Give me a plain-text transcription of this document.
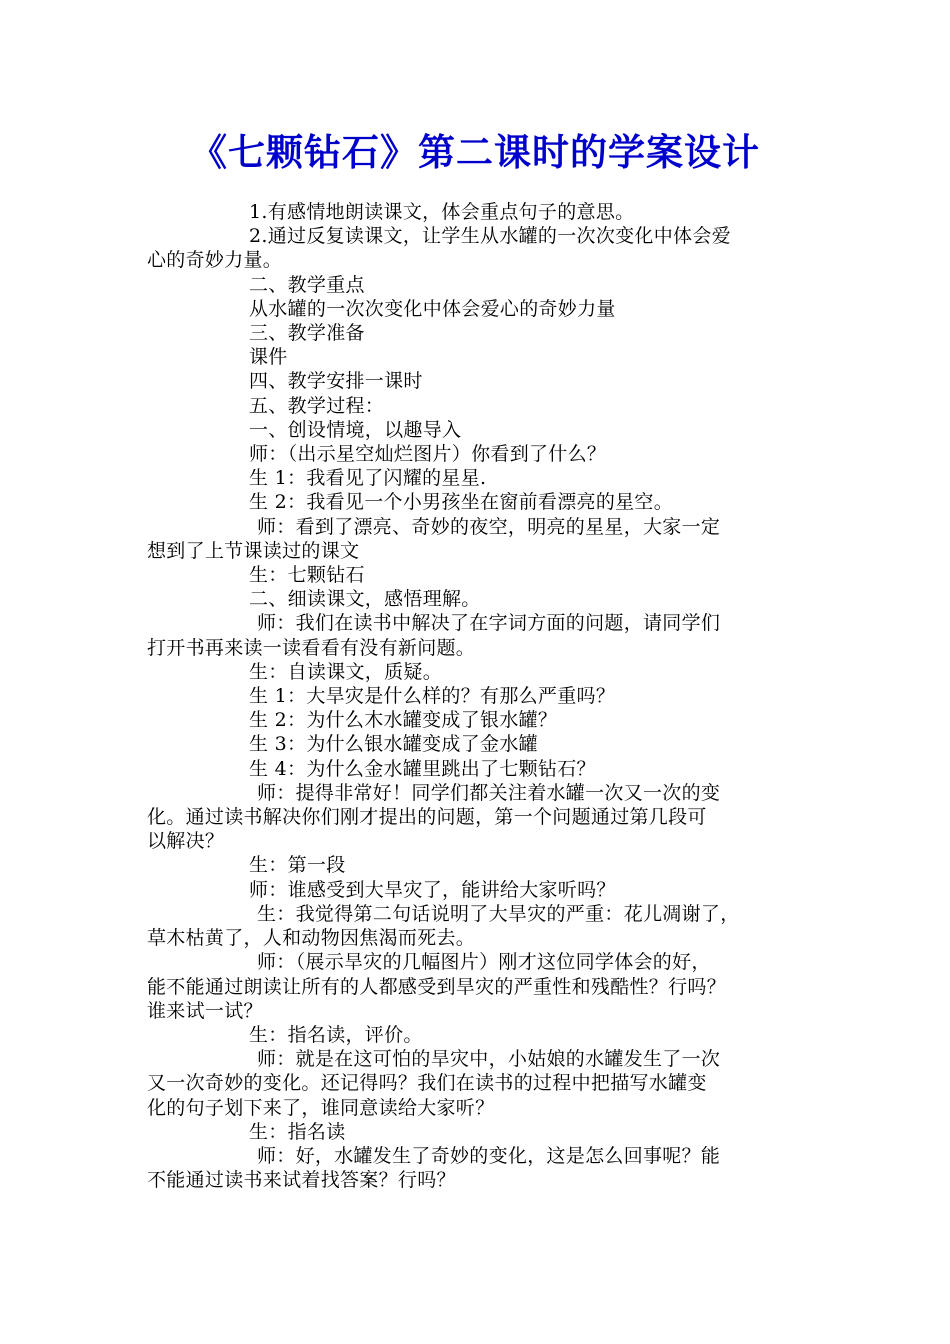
《七颗钻石》第二课时的学案设计

1.有感情地朗读课文，体会重点句子的意思。

2.通过反复读课文，让学生从水罐的一次次变化中体会爱

心的奇妙力量。

二、教学重点

从水罐的一次次变化中体会爱心的奇妙力量

三、教学准备

课件

四、教学安排一课时

五、教学过程：

一、创设情境，以趣导入

师：（出示星空灿烂图片）你看到了什么？

生 1：我看见了闪耀的星星.

生 2：我看见一个小男孩坐在窗前看漂亮的星空。

师：看到了漂亮、奇妙的夜空，明亮的星星，大家一定

想到了上节课读过的课文

生：七颗钻石

二、细读课文，感悟理解。

师：我们在读书中解决了在字词方面的问题，请同学们

打开书再来读一读看看有没有新问题。

生：自读课文，质疑。

生 1：大旱灾是什么样的？有那么严重吗？

生 2：为什么木水罐变成了银水罐？

生 3：为什么银水罐变成了金水罐

生 4：为什么金水罐里跳出了七颗钻石？

师：提得非常好！同学们都关注着水罐一次又一次的变

化。通过读书解决你们刚才提出的问题，第一个问题通过第几段可

以解决？

生：第一段

师：谁感受到大旱灾了，能讲给大家听吗？

生：我觉得第二句话说明了大旱灾的严重：花儿凋谢了，

草木枯黄了，人和动物因焦渴而死去。

师：（展示旱灾的几幅图片）刚才这位同学体会的好，

能不能通过朗读让所有的人都感受到旱灾的严重性和残酷性？行吗？

谁来试一试？

生：指名读，评价。

师：就是在这可怕的旱灾中，小姑娘的水罐发生了一次

又一次奇妙的变化。还记得吗？我们在读书的过程中把描写水罐变

化的句子划下来了，谁同意读给大家听？

生：指名读

师：好，水罐发生了奇妙的变化，这是怎么回事呢？能

不能通过读书来试着找答案？行吗？
